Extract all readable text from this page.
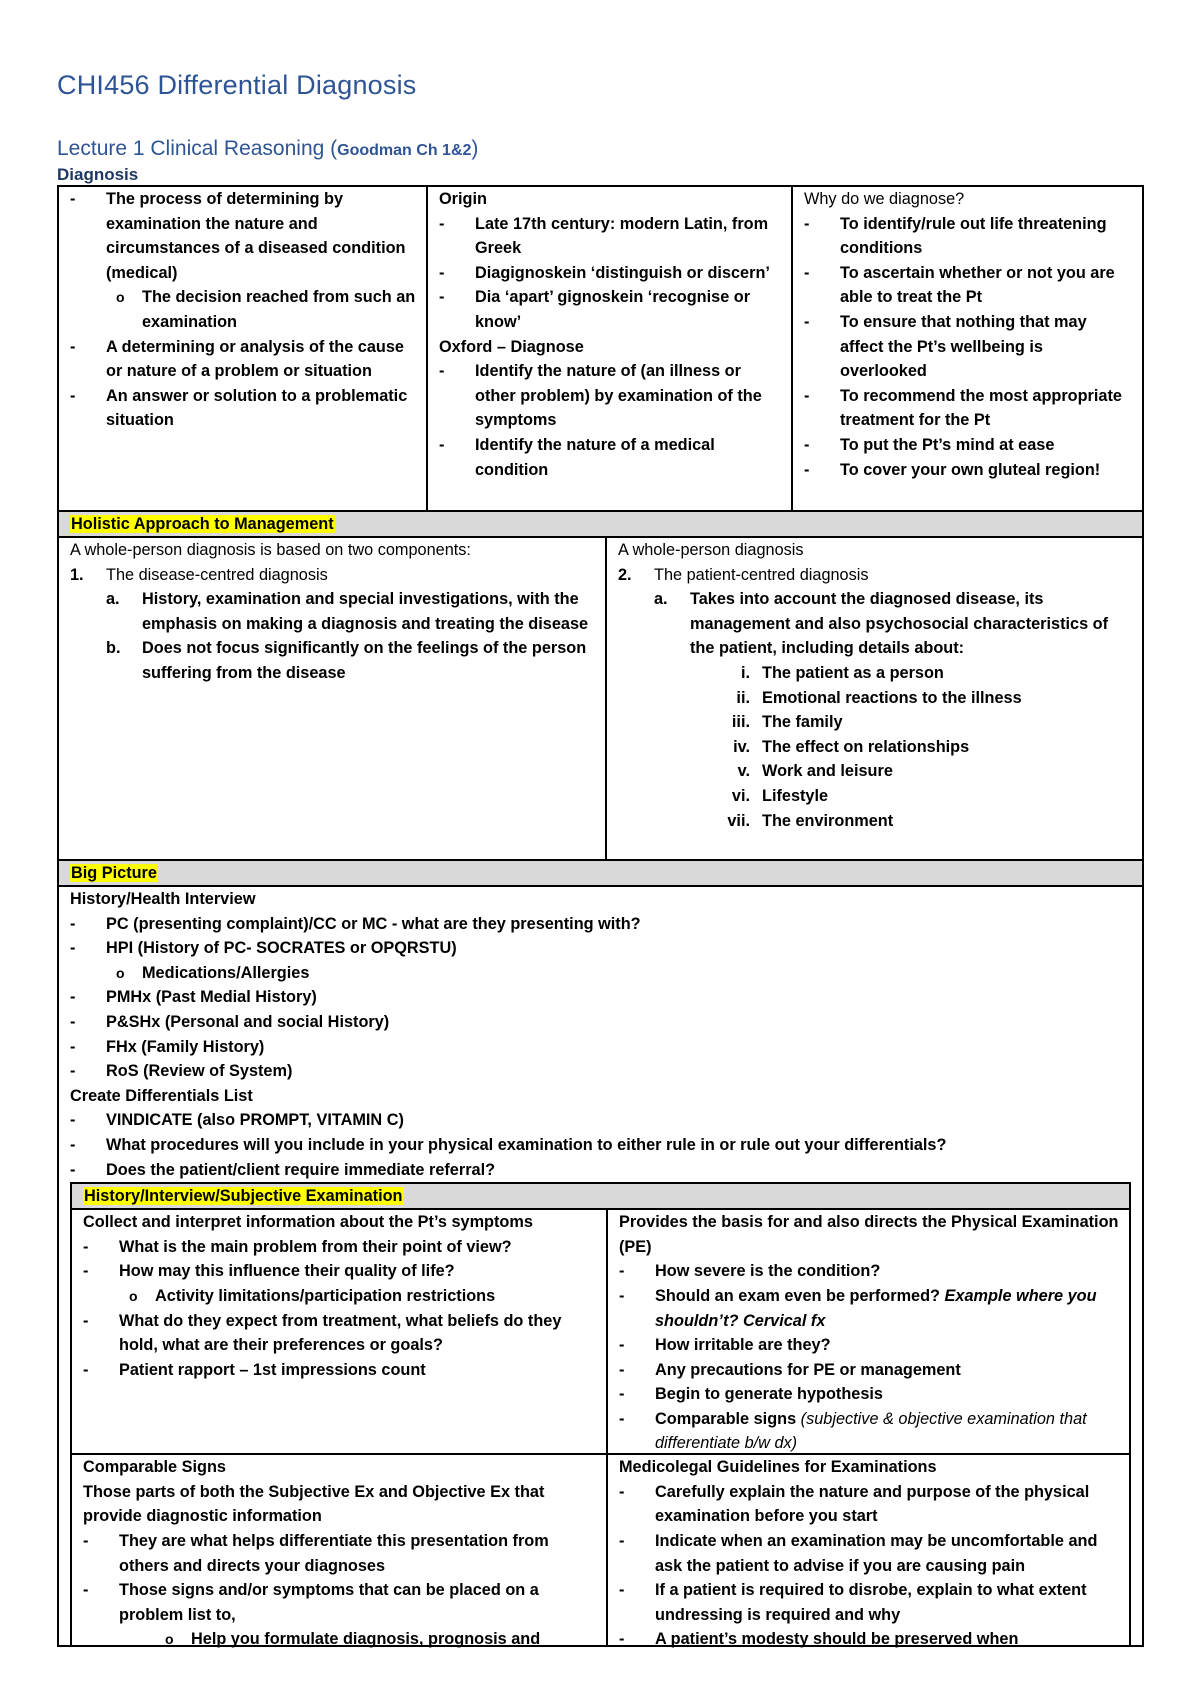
CHI456 Differential Diagnosis
Lecture 1 Clinical Reasoning (Goodman Ch 1&2)
Diagnosis
- The process of determining by examination the nature and circumstances of a diseased condition (medical)
o The decision reached from such an examination
- A determining or analysis of the cause or nature of a problem or situation
- An answer or solution to a problematic situation
Origin
- Late 17th century: modern Latin, from Greek
- Diagignoskein ‘distinguish or discern’
- Dia ‘apart’ gignoskein ‘recognise or know’
Oxford – Diagnose
- Identify the nature of (an illness or other problem) by examination of the symptoms
- Identify the nature of a medical condition
Why do we diagnose?
- To identify/rule out life threatening conditions
- To ascertain whether or not you are able to treat the Pt
- To ensure that nothing that may affect the Pt’s wellbeing is overlooked
- To recommend the most appropriate treatment for the Pt
- To put the Pt’s mind at ease
- To cover your own gluteal region!
Holistic Approach to Management
A whole-person diagnosis is based on two components:
1. The disease-centred diagnosis
a. History, examination and special investigations, with the emphasis on making a diagnosis and treating the disease
b. Does not focus significantly on the feelings of the person suffering from the disease
A whole-person diagnosis
2. The patient-centred diagnosis
a. Takes into account the diagnosed disease, its management and also psychosocial characteristics of the patient, including details about:
i. The patient as a person
ii. Emotional reactions to the illness
iii. The family
iv. The effect on relationships
v. Work and leisure
vi. Lifestyle
vii. The environment
Big Picture
History/Health Interview
- PC (presenting complaint)/CC or MC - what are they presenting with?
- HPI (History of PC- SOCRATES or OPQRSTU)
o Medications/Allergies
- PMHx (Past Medial History)
- P&SHx (Personal and social History)
- FHx (Family History)
- RoS (Review of System)
Create Differentials List
- VINDICATE (also PROMPT, VITAMIN C)
- What procedures will you include in your physical examination to either rule in or rule out your differentials?
- Does the patient/client require immediate referral?
History/Interview/Subjective Examination
Collect and interpret information about the Pt’s symptoms
- What is the main problem from their point of view?
- How may this influence their quality of life?
o Activity limitations/participation restrictions
- What do they expect from treatment, what beliefs do they hold, what are their preferences or goals?
- Patient rapport – 1st impressions count
Provides the basis for and also directs the Physical Examination (PE)
- How severe is the condition?
- Should an exam even be performed? Example where you shouldn’t? Cervical fx
- How irritable are they?
- Any precautions for PE or management
- Begin to generate hypothesis
- Comparable signs (subjective & objective examination that differentiate b/w dx)
Comparable Signs
Those parts of both the Subjective Ex and Objective Ex that provide diagnostic information
- They are what helps differentiate this presentation from others and directs your diagnoses
- Those signs and/or symptoms that can be placed on a problem list to,
o Help you formulate diagnosis, prognosis and
Medicolegal Guidelines for Examinations
- Carefully explain the nature and purpose of the physical examination before you start
- Indicate when an examination may be uncomfortable and ask the patient to advise if you are causing pain
- If a patient is required to disrobe, explain to what extent undressing is required and why
- A patient’s modesty should be preserved when
